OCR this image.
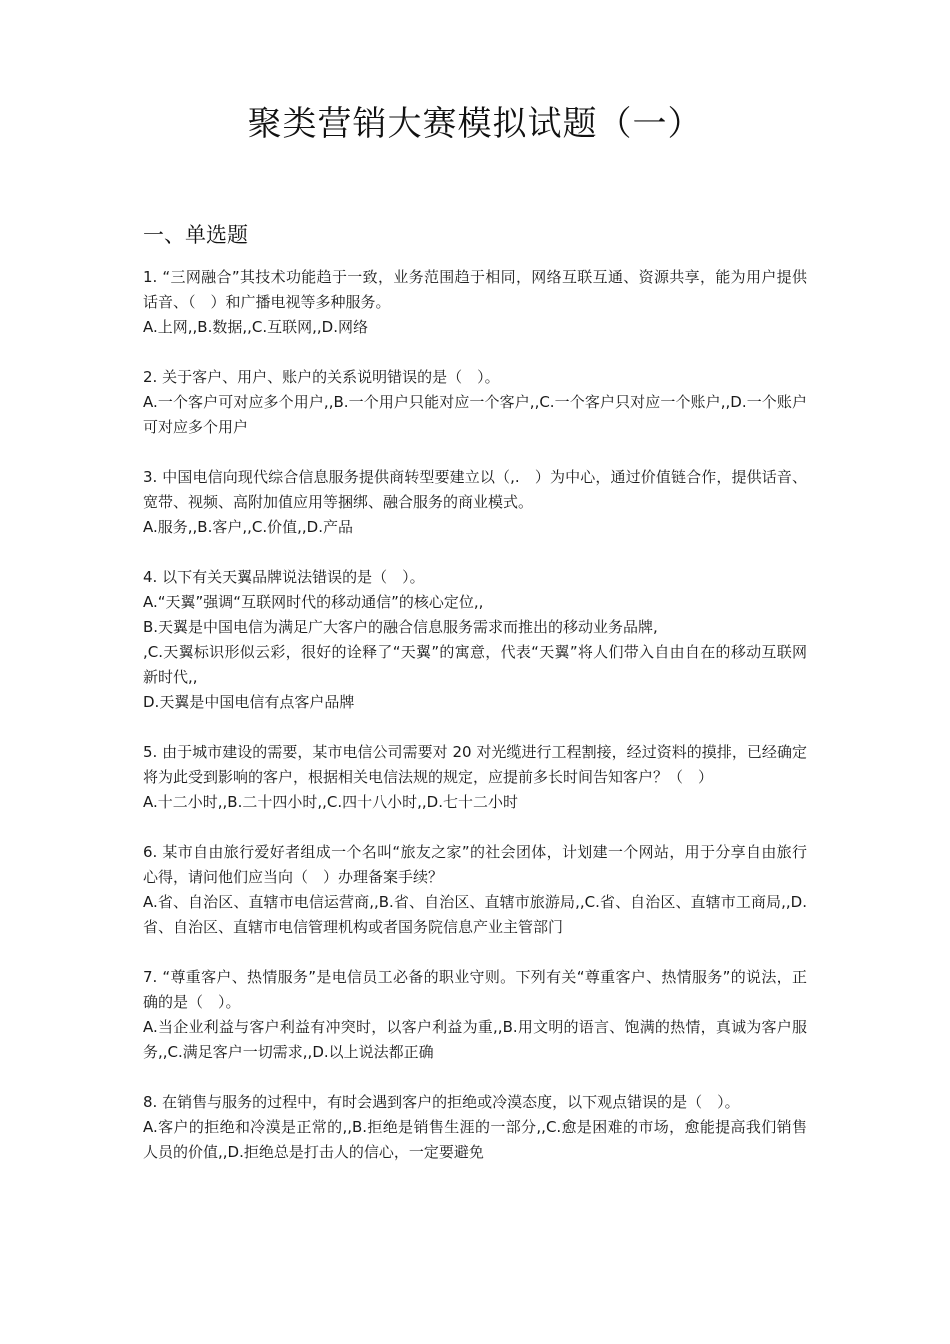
聚类营销大赛模拟试题（一）
一、单选题

1. “三网融合”其技术功能趋于一致，业务范围趋于相同，网络互联互通、资源共享，能为用户提供话音、（　）和广播电视等多种服务。

A.上网,,B.数据,,C.互联网,,D.网络

2. 关于客户、用户、账户的关系说明错误的是（　）。

A.一个客户可对应多个用户,,B.一个用户只能对应一个客户,,C.一个客户只对应一个账户,,D.一个账户可对应多个用户

3. 中国电信向现代综合信息服务提供商转型要建立以（,.　）为中心，通过价值链合作，提供话音、宽带、视频、高附加值应用等捆绑、融合服务的商业模式。

A.服务,,B.客户,,C.价值,,D.产品

4. 以下有关天翼品牌说法错误的是（　）。

A.“天翼”强调“互联网时代的移动通信”的核心定位,,

B.天翼是中国电信为满足广大客户的融合信息服务需求而推出的移动业务品牌,

,C.天翼标识形似云彩，很好的诠释了“天翼”的寓意，代表“天翼”将人们带入自由自在的移动互联网新时代,,

D.天翼是中国电信有点客户品牌

5. 由于城市建设的需要，某市电信公司需要对 20 对光缆进行工程割接，经过资料的摸排，已经确定将为此受到影响的客户，根据相关电信法规的规定，应提前多长时间告知客户？（　）

A.十二小时,,B.二十四小时,,C.四十八小时,,D.七十二小时

6. 某市自由旅行爱好者组成一个名叫“旅友之家”的社会团体，计划建一个网站，用于分享自由旅行心得，请问他们应当向（　）办理备案手续？

A.省、自治区、直辖市电信运营商,,B.省、自治区、直辖市旅游局,,C.省、自治区、直辖市工商局,,D.省、自治区、直辖市电信管理机构或者国务院信息产业主管部门

7. “尊重客户、热情服务”是电信员工必备的职业守则。下列有关“尊重客户、热情服务”的说法，正确的是（　）。

A.当企业利益与客户利益有冲突时，以客户利益为重,,B.用文明的语言、饱满的热情，真诚为客户服务,,C.满足客户一切需求,,D.以上说法都正确

8. 在销售与服务的过程中，有时会遇到客户的拒绝或冷漠态度，以下观点错误的是（　）。

A.客户的拒绝和冷漠是正常的,,B.拒绝是销售生涯的一部分,,C.愈是困难的市场，愈能提高我们销售人员的价值,,D.拒绝总是打击人的信心，一定要避免
